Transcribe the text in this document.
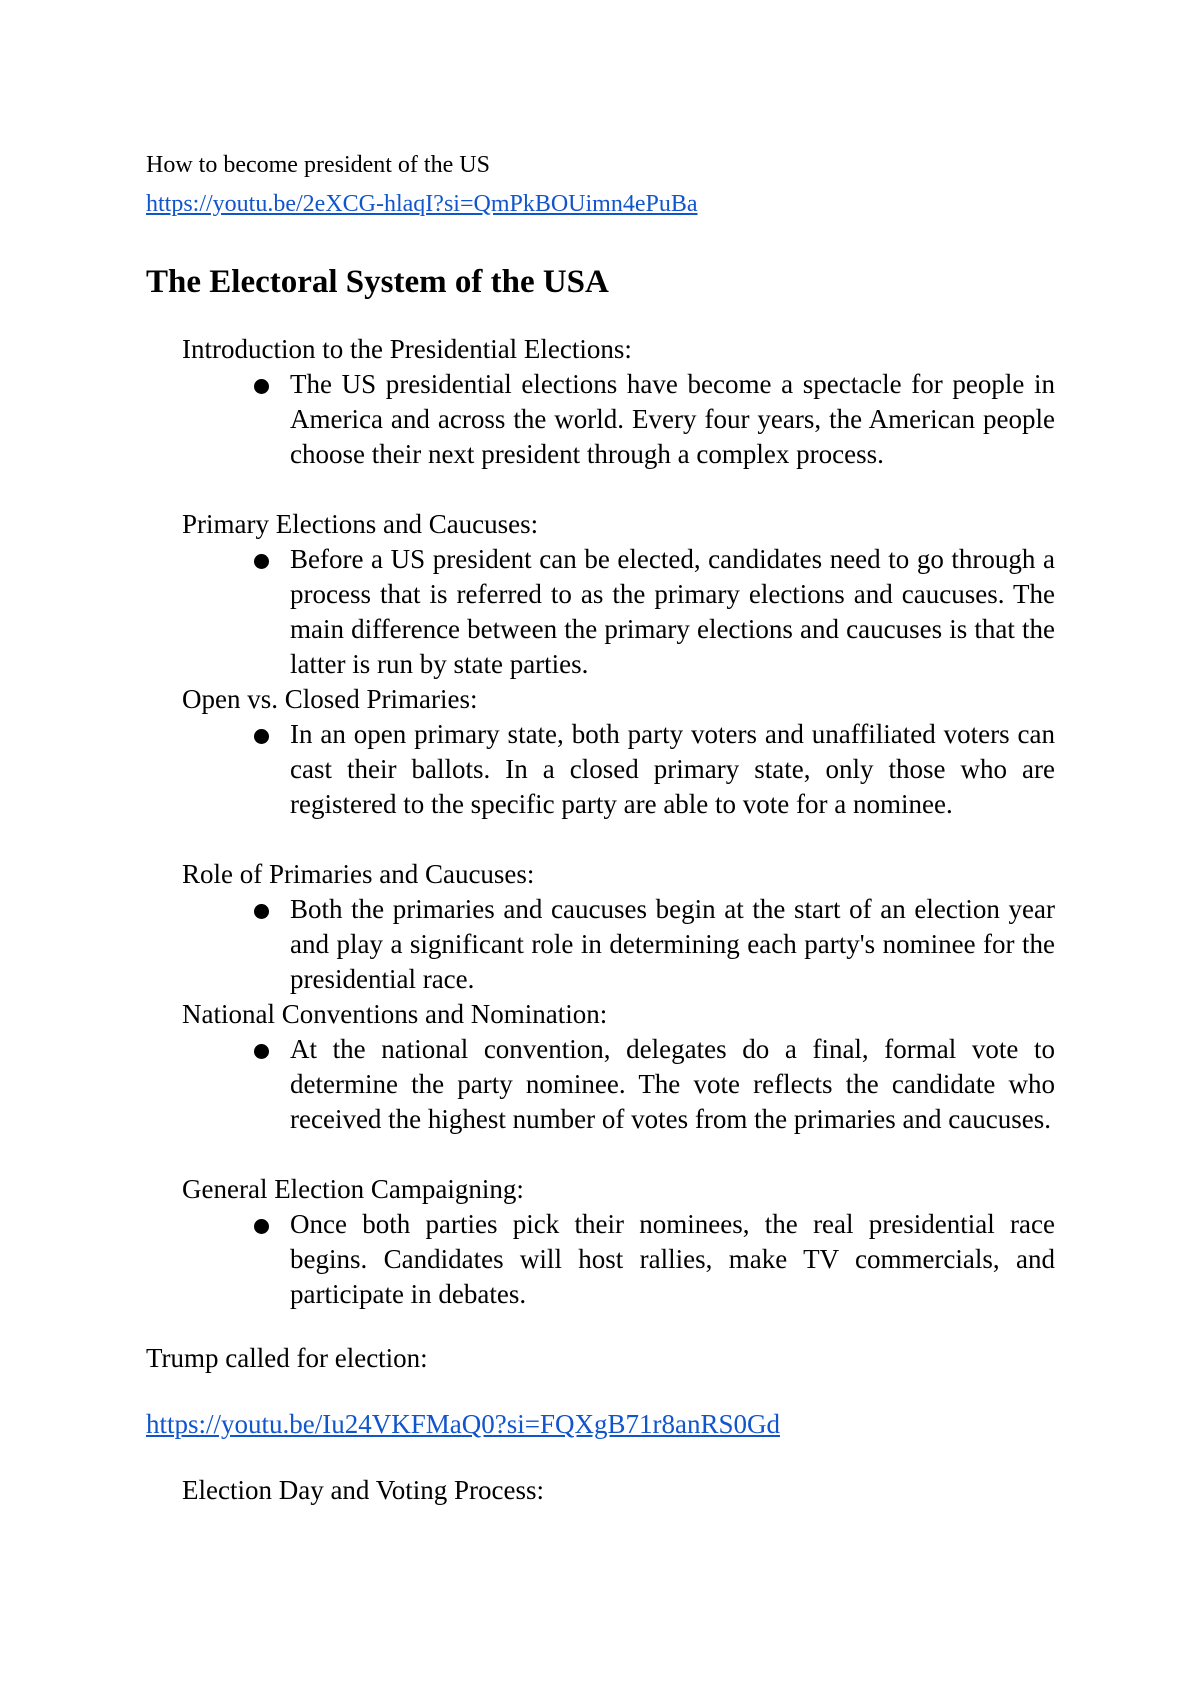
How to become president of the US
https://youtu.be/2eXCG-hlaqI?si=QmPkBOUimn4ePuBa
The Electoral System of the USA
Introduction to the Presidential Elections:
The US presidential elections have become a spectacle for people in America and across the world. Every four years, the American people choose their next president through a complex process.
Primary Elections and Caucuses:
Before a US president can be elected, candidates need to go through a process that is referred to as the primary elections and caucuses. The main difference between the primary elections and caucuses is that the latter is run by state parties.
Open vs. Closed Primaries:
In an open primary state, both party voters and unaffiliated voters can cast their ballots. In a closed primary state, only those who are registered to the specific party are able to vote for a nominee.
Role of Primaries and Caucuses:
Both the primaries and caucuses begin at the start of an election year and play a significant role in determining each party's nominee for the presidential race.
National Conventions and Nomination:
At the national convention, delegates do a final, formal vote to determine the party nominee. The vote reflects the candidate who received the highest number of votes from the primaries and caucuses.
General Election Campaigning:
Once both parties pick their nominees, the real presidential race begins. Candidates will host rallies, make TV commercials, and participate in debates.
Trump called for election:
https://youtu.be/Iu24VKFMaQ0?si=FQXgB71r8anRS0Gd
Election Day and Voting Process:
